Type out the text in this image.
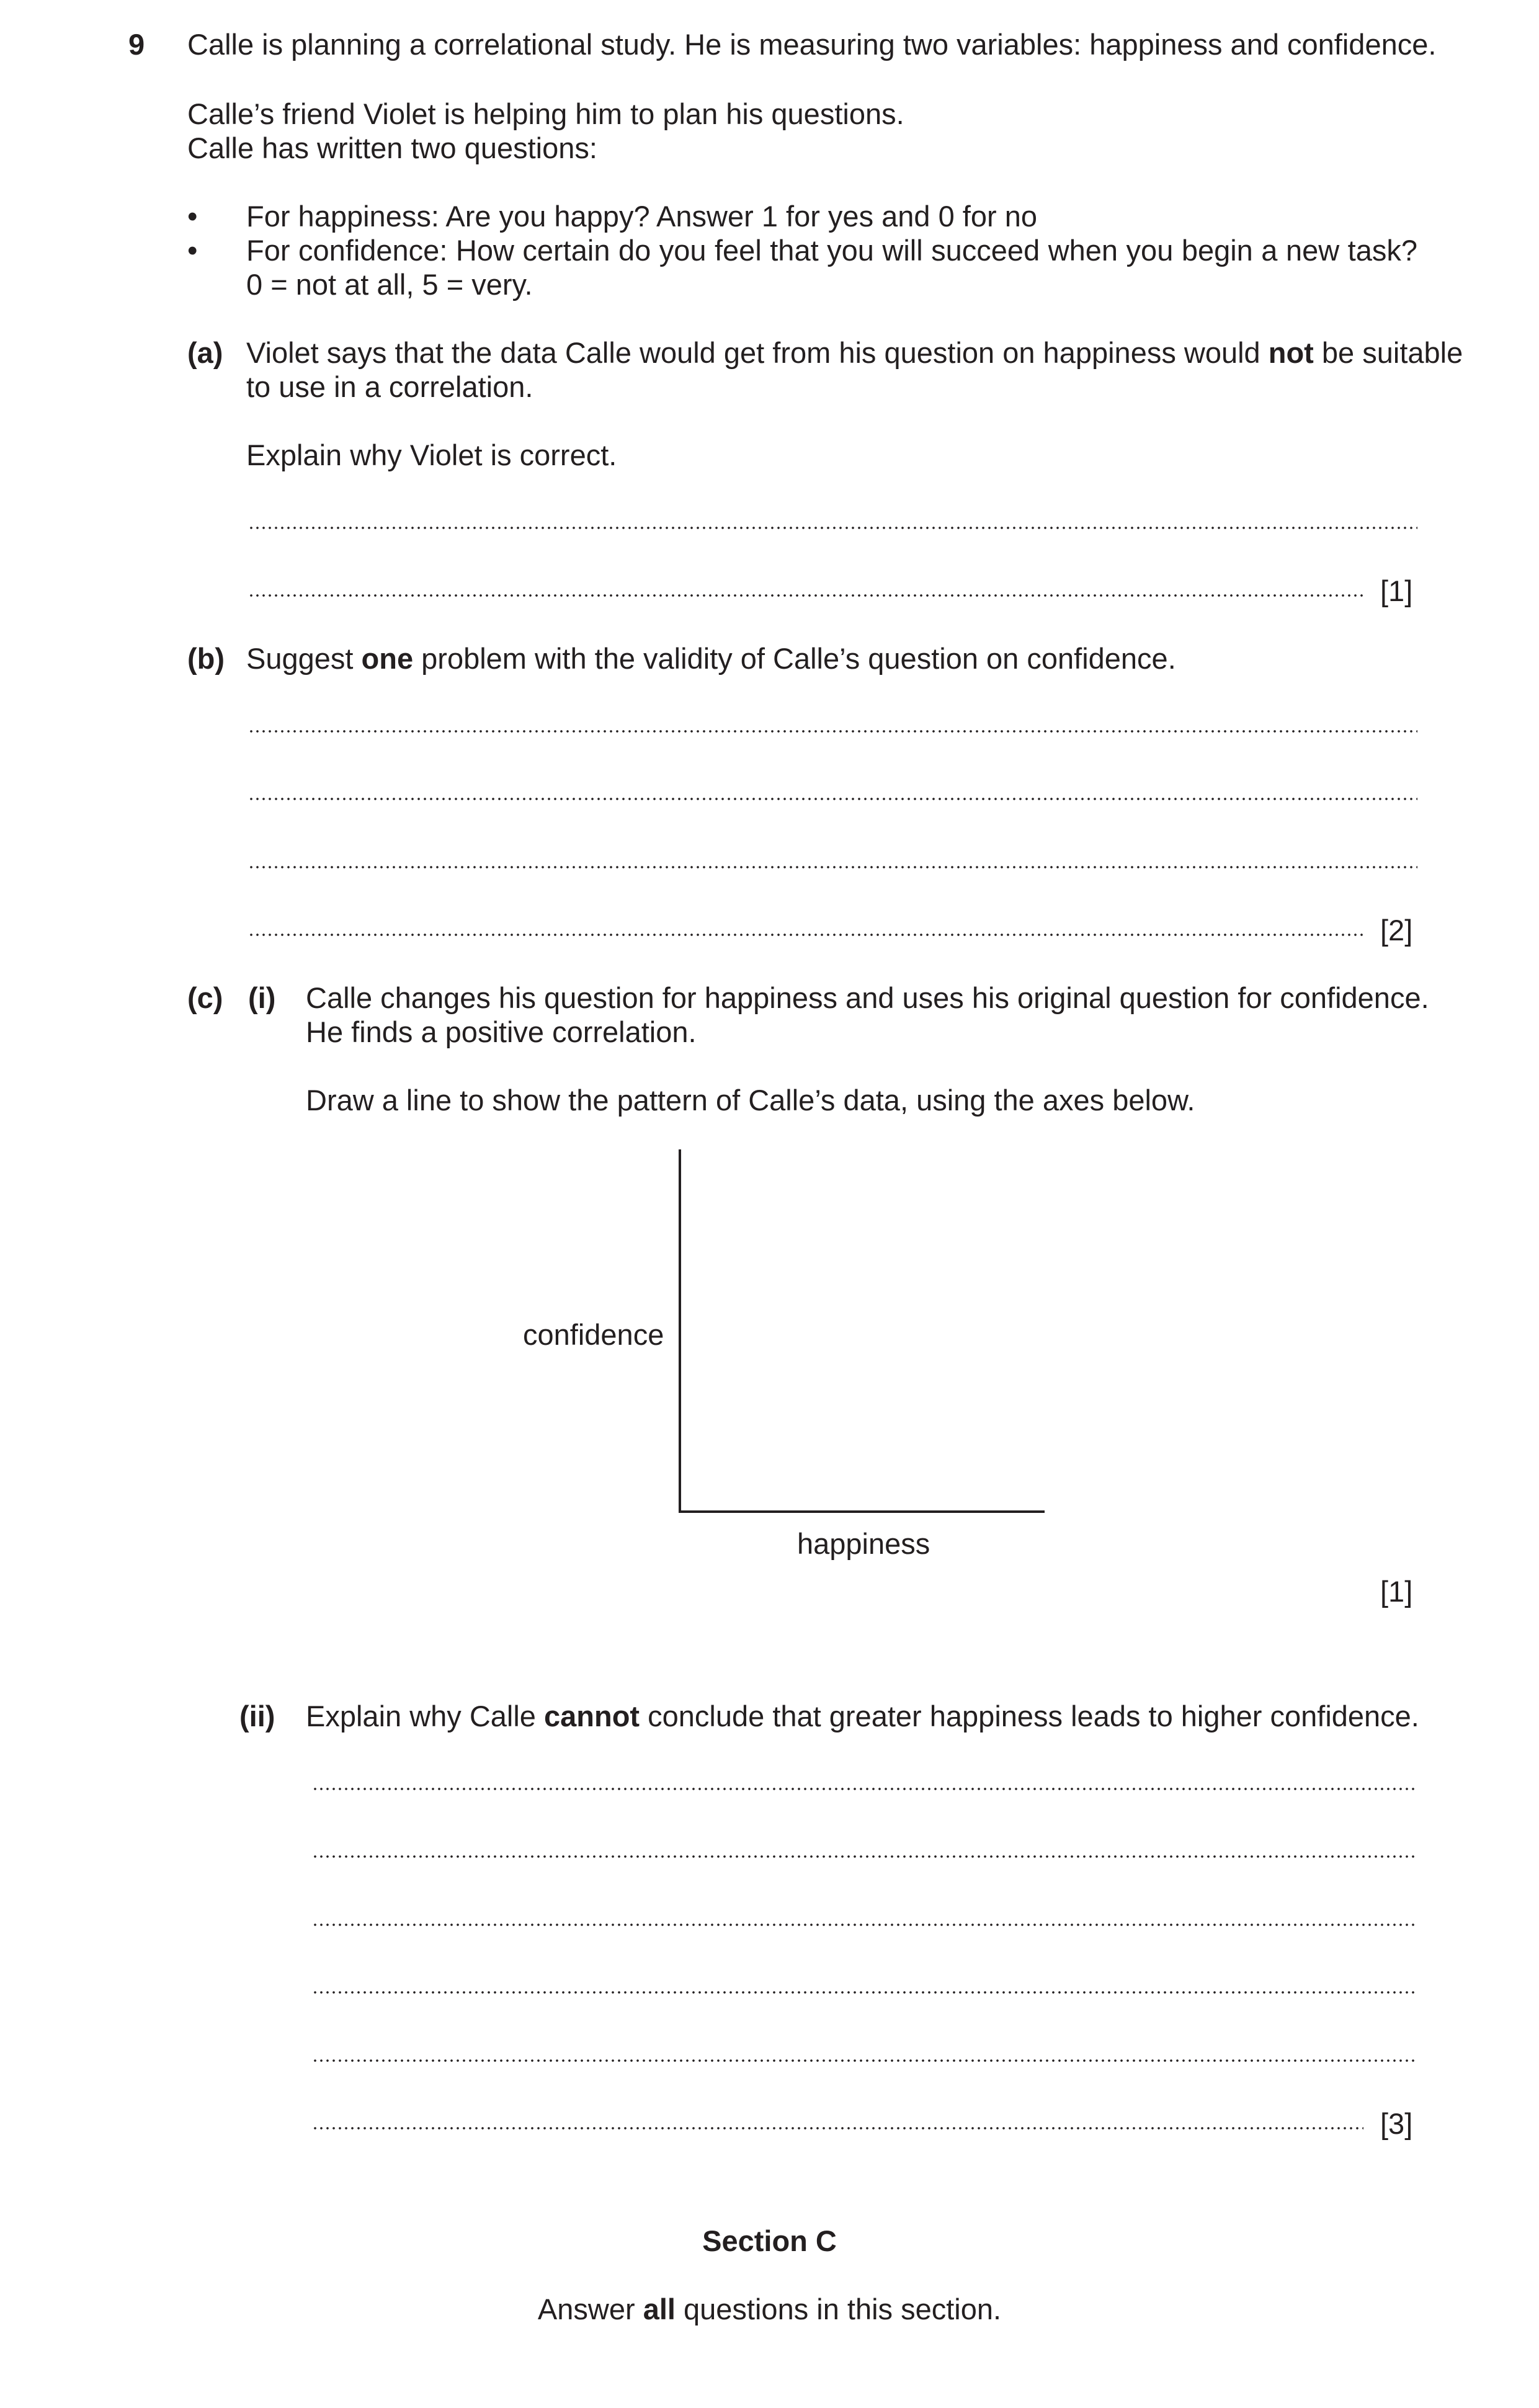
9 Calle is planning a correlational study. He is measuring two variables: happiness and confidence.
Calle’s friend Violet is helping him to plan his questions.
Calle has written two questions:
• For happiness: Are you happy? Answer 1 for yes and 0 for no
• For confidence: How certain do you feel that you will succeed when you begin a new task?
0 = not at all, 5 = very.
(a) Violet says that the data Calle would get from his question on happiness would not be suitable
to use in a correlation.
Explain why Violet is correct.
[1]
(b) Suggest one problem with the validity of Calle’s question on confidence.
[2]
(c) (i) Calle changes his question for happiness and uses his original question for confidence.
He finds a positive correlation.
Draw a line to show the pattern of Calle’s data, using the axes below.
confidence
happiness
[1]
(ii) Explain why Calle cannot conclude that greater happiness leads to higher confidence.
[3]
Section C
Answer all questions in this section.
